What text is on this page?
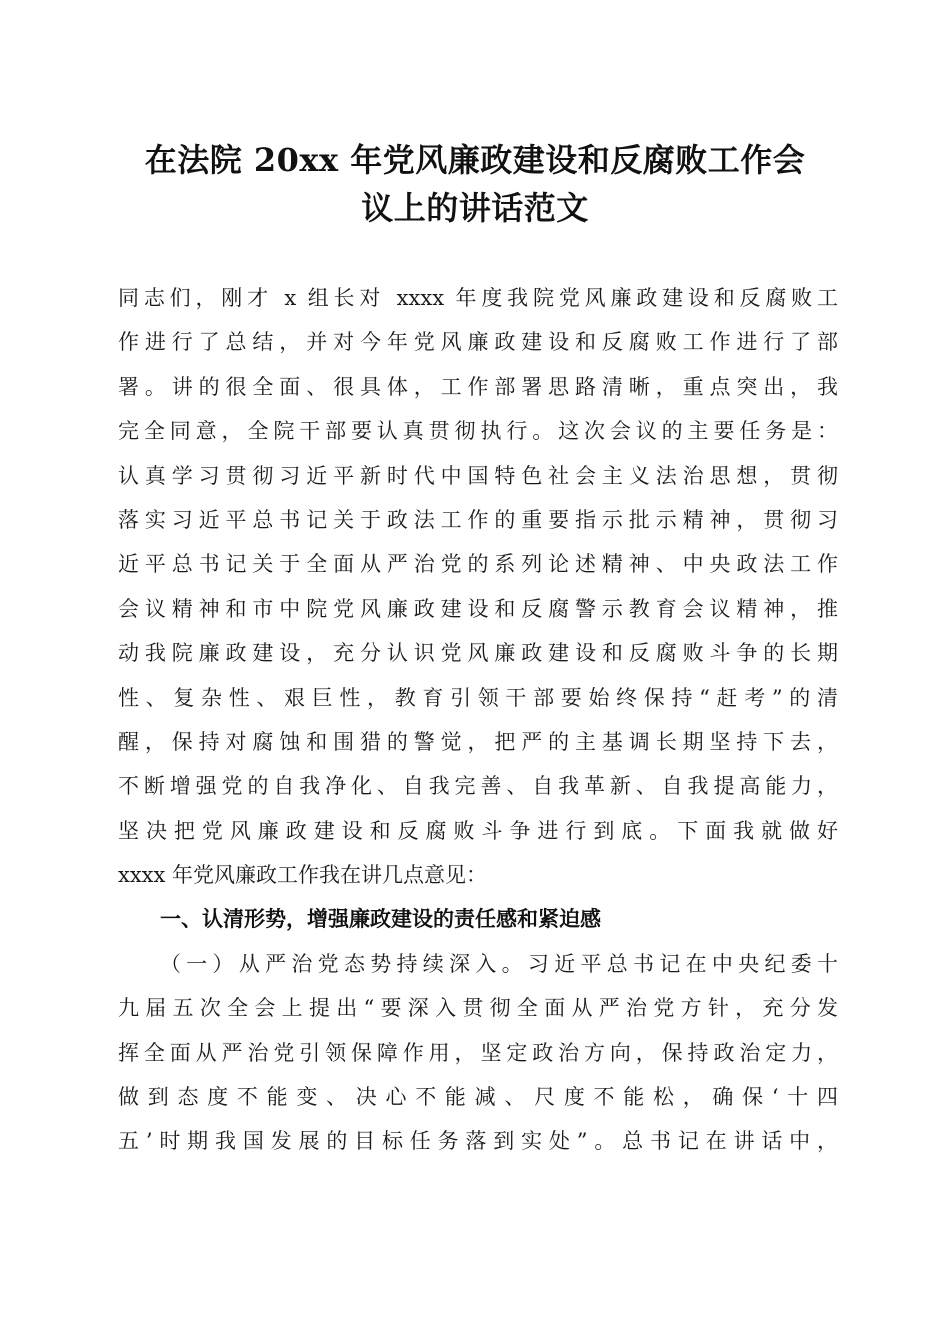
在法院 20xx 年党风廉政建设和反腐败工作会
议上的讲话范文
同志们，刚才 x 组长对 xxxx 年度我院党风廉政建设和反腐败工
作进行了总结，并对今年党风廉政建设和反腐败工作进行了部
署。讲的很全面、很具体，工作部署思路清晰，重点突出，我
完全同意，全院干部要认真贯彻执行。这次会议的主要任务是：
认真学习贯彻习近平新时代中国特色社会主义法治思想，贯彻
落实习近平总书记关于政法工作的重要指示批示精神，贯彻习
近平总书记关于全面从严治党的系列论述精神、中央政法工作
会议精神和市中院党风廉政建设和反腐警示教育会议精神，推
动我院廉政建设，充分认识党风廉政建设和反腐败斗争的长期
性、复杂性、艰巨性，教育引领干部要始终保持“赶考”的清
醒，保持对腐蚀和围猎的警觉，把严的主基调长期坚持下去，
不断增强党的自我净化、自我完善、自我革新、自我提高能力，
坚决把党风廉政建设和反腐败斗争进行到底。下面我就做好
xxxx 年党风廉政工作我在讲几点意见：
一、认清形势，增强廉政建设的责任感和紧迫感
（一）从严治党态势持续深入。习近平总书记在中央纪委十
九届五次全会上提出“要深入贯彻全面从严治党方针，充分发
挥全面从严治党引领保障作用，坚定政治方向，保持政治定力，
做到态度不能变、决心不能减、尺度不能松，确保‘十四
五’时期我国发展的目标任务落到实处”。总书记在讲话中，
